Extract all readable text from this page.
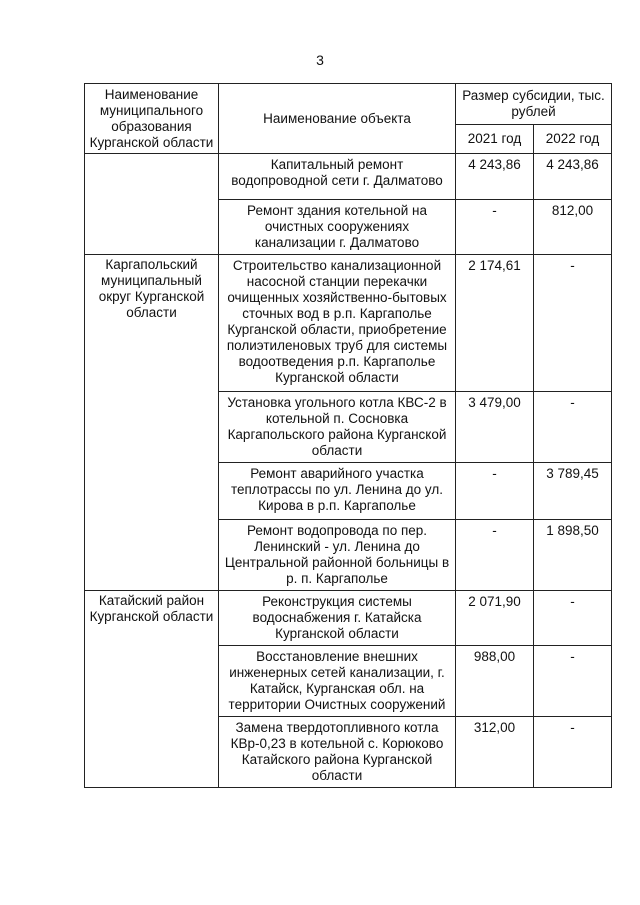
3
Наименование муниципального образования Курганской области	Наименование объекта	Размер субсидии, тыс. рублей	
		2021 год	2022 год
	Капитальный ремонт водопроводной сети г. Далматово	4 243,86	4 243,86
	Ремонт здания котельной на очистных сооружениях канализации г. Далматово	-	812,00
Каргапольский муниципальный округ Курганской области	Строительство канализационной насосной станции перекачки очищенных хозяйственно-бытовых сточных вод в р.п. Каргаполье Курганской области, приобретение полиэтиленовых труб для системы водоотведения р.п. Каргаполье Курганской области	2 174,61	-
	Установка угольного котла КВС-2 в котельной п. Сосновка Каргапольского района Курганской области	3 479,00	-
	Ремонт аварийного участка теплотрассы по ул. Ленина до ул. Кирова в р.п. Каргаполье	-	3 789,45
	Ремонт водопровода по пер. Ленинский - ул. Ленина до Центральной районной больницы в р. п. Каргаполье	-	1 898,50
Катайский район Курганской области	Реконструкция системы водоснабжения г. Катайска Курганской области	2 071,90	-
	Восстановление внешних инженерных сетей канализации, г. Катайск, Курганская обл. на территории Очистных сооружений	988,00	-
	Замена твердотопливного котла КВр-0,23 в котельной с. Корюково Катайского района Курганской области	312,00	-
